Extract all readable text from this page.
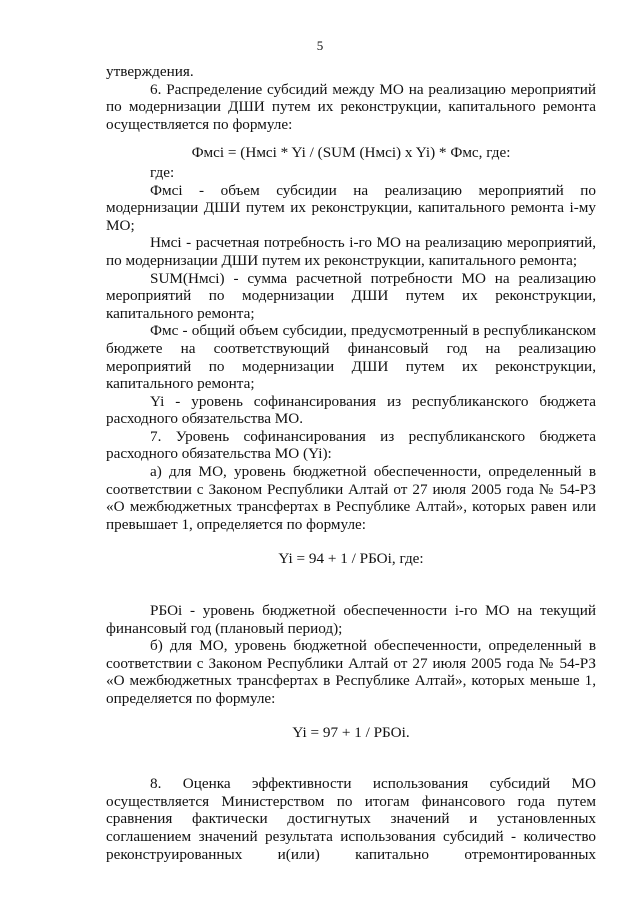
5

утверждения.

6. Распределение субсидий между МО на реализацию мероприятий по модернизации ДШИ путем их реконструкции, капитального ремонта осуществляется по формуле:

Фмсi = (Нмсi * Yi / (SUM (Нмсi) x Yi) * Фмс, где:

где:

Фмсi - объем субсидии на реализацию мероприятий по модернизации ДШИ путем их реконструкции, капитального ремонта i-му МО;

Нмсi - расчетная потребность i-го МО на реализацию мероприятий, по модернизации ДШИ путем их реконструкции, капитального ремонта;

SUM(Нмсi) - сумма расчетной потребности МО на реализацию мероприятий по модернизации ДШИ путем их реконструкции, капитального ремонта;

Фмс - общий объем субсидии, предусмотренный в республиканском бюджете на соответствующий финансовый год на реализацию мероприятий по модернизации ДШИ путем их реконструкции, капитального ремонта;

Yi - уровень софинансирования из республиканского бюджета расходного обязательства МО.

7. Уровень софинансирования из республиканского бюджета расходного обязательства МО (Yi):

а) для МО, уровень бюджетной обеспеченности, определенный в соответствии с Законом Республики Алтай от 27 июля 2005 года № 54-РЗ «О межбюджетных трансфертах в Республике Алтай», которых равен или превышает 1, определяется по формуле:

Yi = 94 + 1 / РБОi, где:

РБОi - уровень бюджетной обеспеченности i-го МО на текущий финансовый год (плановый период);

б) для МО, уровень бюджетной обеспеченности, определенный в соответствии с Законом Республики Алтай от 27 июля 2005 года № 54-РЗ «О межбюджетных трансфертах в Республике Алтай», которых меньше 1, определяется по формуле:

Yi = 97 + 1 / РБОi.

8. Оценка эффективности использования субсидий МО осуществляется Министерством по итогам финансового года путем сравнения фактически достигнутых значений и установленных соглашением значений результата использования субсидий - количество реконструированных и(или) капитально отремонтированных
